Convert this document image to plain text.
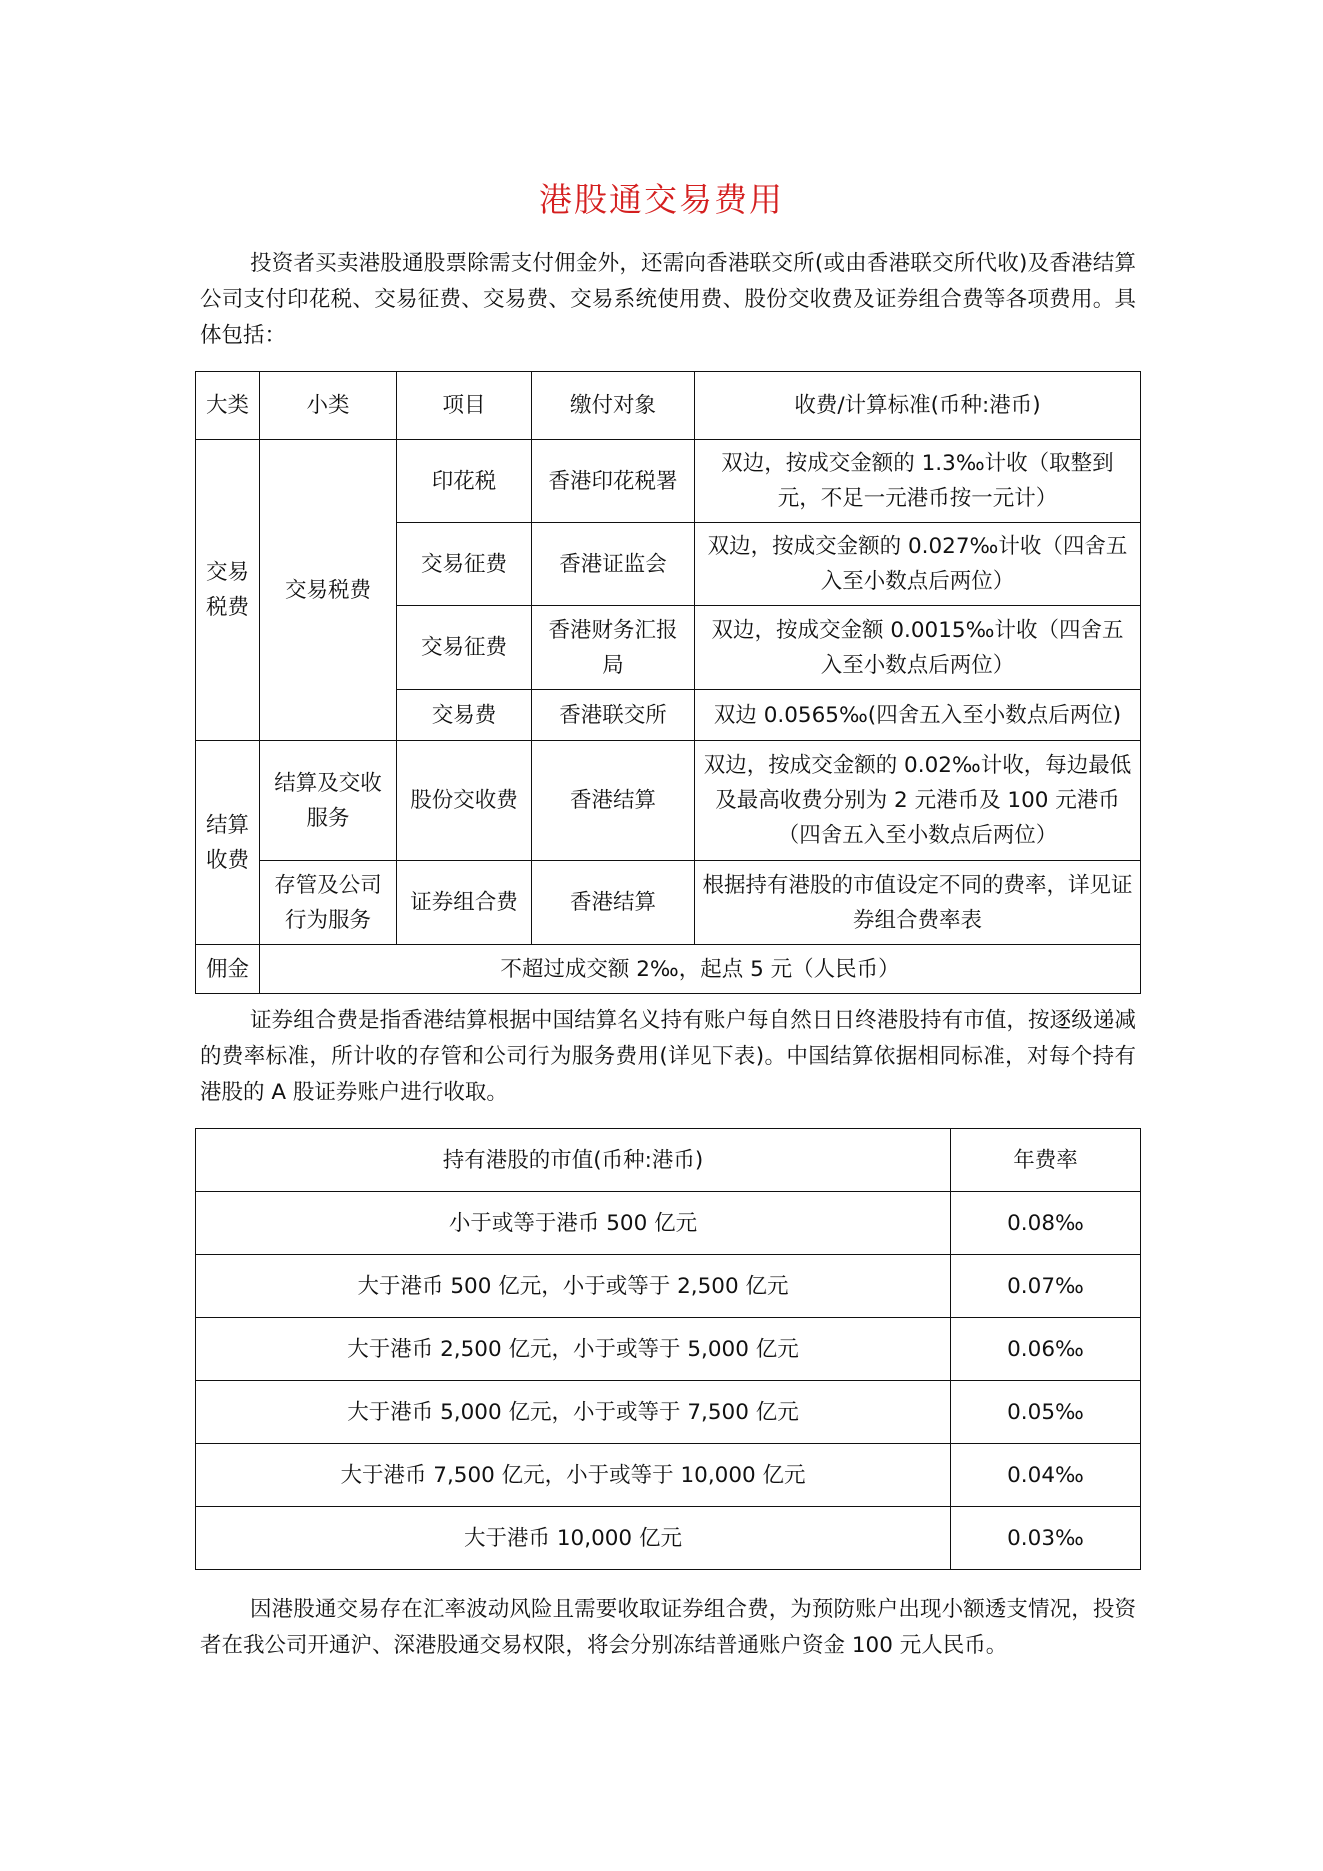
港股通交易费用

投资者买卖港股通股票除需支付佣金外，还需向香港联交所(或由香港联交所代收)及香港结算公司支付印花税、交易征费、交易费、交易系统使用费、股份交收费及证券组合费等各项费用。具体包括：

大类	小类	项目	缴付对象	收费/计算标准(币种:港币)
交易税费	交易税费	印花税	香港印花税署	双边，按成交金额的 1.3‰计收（取整到元，不足一元港币按一元计）
		交易征费	香港证监会	双边，按成交金额的 0.027‰计收（四舍五入至小数点后两位）
		交易征费	香港财务汇报局	双边，按成交金额 0.0015‰计收（四舍五入至小数点后两位）
		交易费	香港联交所	双边 0.0565‰(四舍五入至小数点后两位)
结算收费	结算及交收服务	股份交收费	香港结算	双边，按成交金额的 0.02‰计收，每边最低及最高收费分别为 2 元港币及 100 元港币（四舍五入至小数点后两位）
	存管及公司行为服务	证券组合费	香港结算	根据持有港股的市值设定不同的费率，详见证券组合费率表
佣金	不超过成交额 2‰，起点 5 元（人民币）			

证券组合费是指香港结算根据中国结算名义持有账户每自然日日终港股持有市值，按逐级递减的费率标准，所计收的存管和公司行为服务费用(详见下表)。中国结算依据相同标准，对每个持有港股的 A 股证券账户进行收取。

持有港股的市值(币种:港币)	年费率
小于或等于港币 500 亿元	0.08‰
大于港币 500 亿元，小于或等于 2,500 亿元	0.07‰
大于港币 2,500 亿元，小于或等于 5,000 亿元	0.06‰
大于港币 5,000 亿元，小于或等于 7,500 亿元	0.05‰
大于港币 7,500 亿元，小于或等于 10,000 亿元	0.04‰
大于港币 10,000 亿元	0.03‰

因港股通交易存在汇率波动风险且需要收取证券组合费，为预防账户出现小额透支情况，投资者在我公司开通沪、深港股通交易权限，将会分别冻结普通账户资金 100 元人民币。
